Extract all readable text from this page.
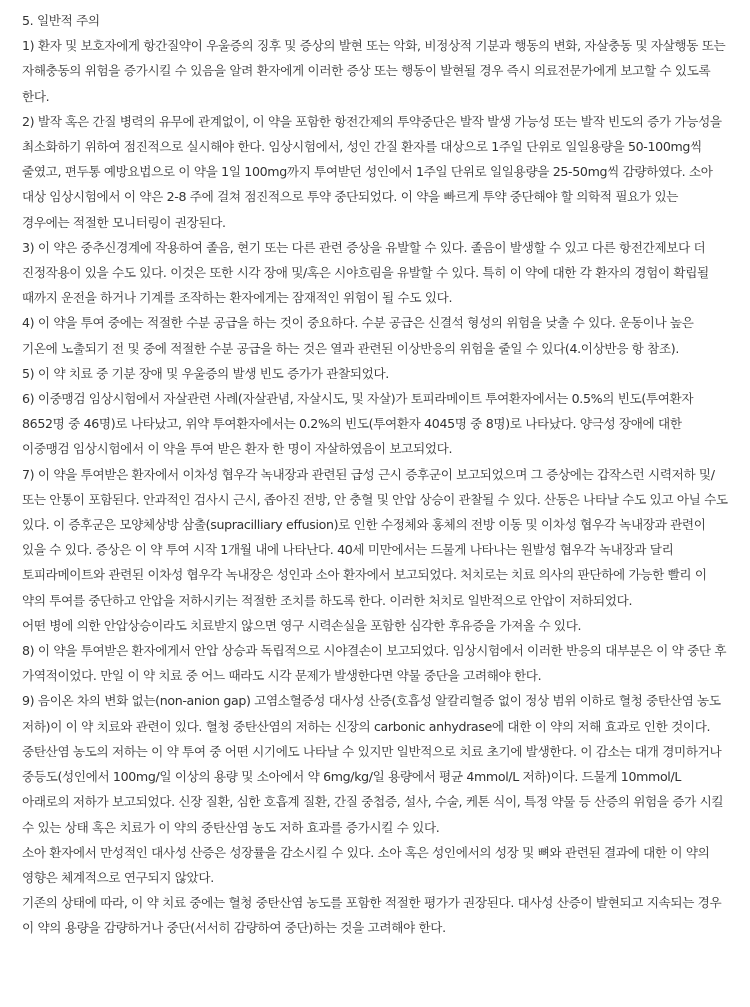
5. 일반적 주의

1) 환자 및 보호자에게 항간질약이 우울증의 징후 및 증상의 발현 또는 악화, 비정상적 기분과 행동의 변화, 자살충동 및 자살행동 또는 자해충동의 위험을 증가시킬 수 있음을 알려 환자에게 이러한 증상 또는 행동이 발현될 경우 즉시 의료전문가에게 보고할 수 있도록 한다.

2) 발작 혹은 간질 병력의 유무에 관계없이, 이 약을 포함한 항전간제의 투약중단은 발작 발생 가능성 또는 발작 빈도의 증가 가능성을 최소화하기 위하여 점진적으로 실시해야 한다. 임상시험에서, 성인 간질 환자를 대상으로 1주일 단위로 일일용량을 50-100mg씩 줄였고, 편두통 예방요법으로 이 약을 1일 100mg까지 투여받던 성인에서 1주일 단위로 일일용량을 25-50mg씩 감량하였다. 소아 대상 임상시험에서 이 약은 2-8 주에 걸쳐 점진적으로 투약 중단되었다. 이 약을 빠르게 투약 중단해야 할 의학적 필요가 있는 경우에는 적절한 모니터링이 권장된다.

3) 이 약은 중추신경계에 작용하여 졸음, 현기 또는 다른 관련 증상을 유발할 수 있다. 졸음이 발생할 수 있고 다른 항전간제보다 더 진정작용이 있을 수도 있다. 이것은 또한 시각 장애 및/혹은 시야흐림을 유발할 수 있다. 특히 이 약에 대한 각 환자의 경험이 확립될 때까지 운전을 하거나 기계를 조작하는 환자에게는 잠재적인 위험이 될 수도 있다.

4) 이 약을 투여 중에는 적절한 수분 공급을 하는 것이 중요하다. 수분 공급은 신결석 형성의 위험을 낮출 수 있다. 운동이나 높은 기온에 노출되기 전 및 중에 적절한 수분 공급을 하는 것은 열과 관련된 이상반응의 위험을 줄일 수 있다(4.이상반응 항 참조).

5) 이 약 치료 중 기분 장애 및 우울증의 발생 빈도 증가가 관찰되었다.

6) 이중맹검 임상시험에서 자살관련 사례(자살관념, 자살시도, 및 자살)가 토피라메이트 투여환자에서는 0.5%의 빈도(투여환자 8652명 중 46명)로 나타났고, 위약 투여환자에서는 0.2%의 빈도(투여환자 4045명 중 8명)로 나타났다. 양극성 장애에 대한 이중맹검 임상시험에서 이 약을 투여 받은 환자 한 명이 자살하였음이 보고되었다.

7) 이 약을 투여받은 환자에서 이차성 협우각 녹내장과 관련된 급성 근시 증후군이 보고되었으며 그 증상에는 갑작스런 시력저하 및/또는 안통이 포함된다. 안과적인 검사시 근시, 좁아진 전방, 안 충혈 및 안압 상승이 관찰될 수 있다. 산동은 나타날 수도 있고 아닐 수도 있다. 이 증후군은 모양체상방 삼출(supracilliary effusion)로 인한 수정체와 홍체의 전방 이동 및 이차성 협우각 녹내장과 관련이 있을 수 있다. 증상은 이 약 투여 시작 1개월 내에 나타난다. 40세 미만에서는 드물게 나타나는 원발성 협우각 녹내장과 달리 토피라메이트와 관련된 이차성 협우각 녹내장은 성인과 소아 환자에서 보고되었다. 처치로는 치료 의사의 판단하에 가능한 빨리 이 약의 투여를 중단하고 안압을 저하시키는 적절한 조치를 하도록 한다. 이러한 처치로 일반적으로 안압이 저하되었다.

어떤 병에 의한 안압상승이라도 치료받지 않으면 영구 시력손실을 포함한 심각한 후유증을 가져올 수 있다.

8) 이 약을 투여받은 환자에게서 안압 상승과 독립적으로 시야결손이 보고되었다. 임상시험에서 이러한 반응의 대부분은 이 약 중단 후 가역적이었다. 만일 이 약 치료 중 어느 때라도 시각 문제가 발생한다면 약물 중단을 고려해야 한다.

9) 음이온 차의 변화 없는(non-anion gap) 고염소혈증성 대사성 산증(호흡성 알칼리혈증 없이 정상 범위 이하로 혈청 중탄산염 농도 저하)이 이 약 치료와 관련이 있다. 혈청 중탄산염의 저하는 신장의 carbonic anhydrase에 대한 이 약의 저해 효과로 인한 것이다. 중탄산염 농도의 저하는 이 약 투여 중 어떤 시기에도 나타날 수 있지만 일반적으로 치료 초기에 발생한다. 이 감소는 대개 경미하거나 중등도(성인에서 100mg/일 이상의 용량 및 소아에서 약 6mg/kg/일 용량에서 평균 4mmol/L 저하)이다. 드물게 10mmol/L 아래로의 저하가 보고되었다. 신장 질환, 심한 호흡계 질환, 간질 중첩증, 설사, 수술, 케톤 식이, 특정 약물 등 산증의 위험을 증가 시킬 수 있는 상태 혹은 치료가 이 약의 중탄산염 농도 저하 효과를 증가시킬 수 있다.

소아 환자에서 만성적인 대사성 산증은 성장률을 감소시킬 수 있다. 소아 혹은 성인에서의 성장 및 뼈와 관련된 결과에 대한 이 약의 영향은 체계적으로 연구되지 않았다.

기존의 상태에 따라, 이 약 치료 중에는 혈청 중탄산염 농도를 포함한 적절한 평가가 권장된다. 대사성 산증이 발현되고 지속되는 경우 이 약의 용량을 감량하거나 중단(서서히 감량하여 중단)하는 것을 고려해야 한다.
